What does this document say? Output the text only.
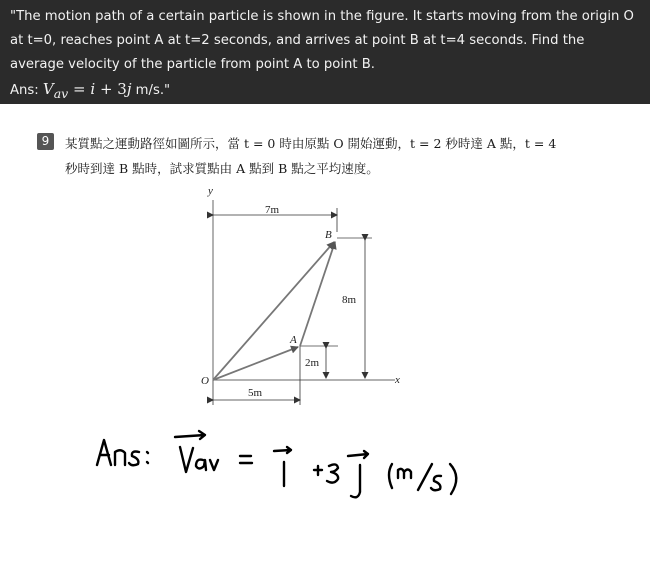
"The motion path of a certain particle is shown in the figure. It starts moving from the origin O at t=0, reaches point A at t=2 seconds, and arrives at point B at t=4 seconds. Find the average velocity of the particle from point A to point B.
Ans: $V_{av} = i + 3j$ m/s."
9	某質點之運動路徑如圖所示，當 t = 0 時由原點 O 開始運動，t = 2 秒時達 A 點，t = 4
秒時到達 B 點時，試求質點由 A 點到 B 點之平均速度。
y
x
O
7m
8m
2m
5m
A
B
